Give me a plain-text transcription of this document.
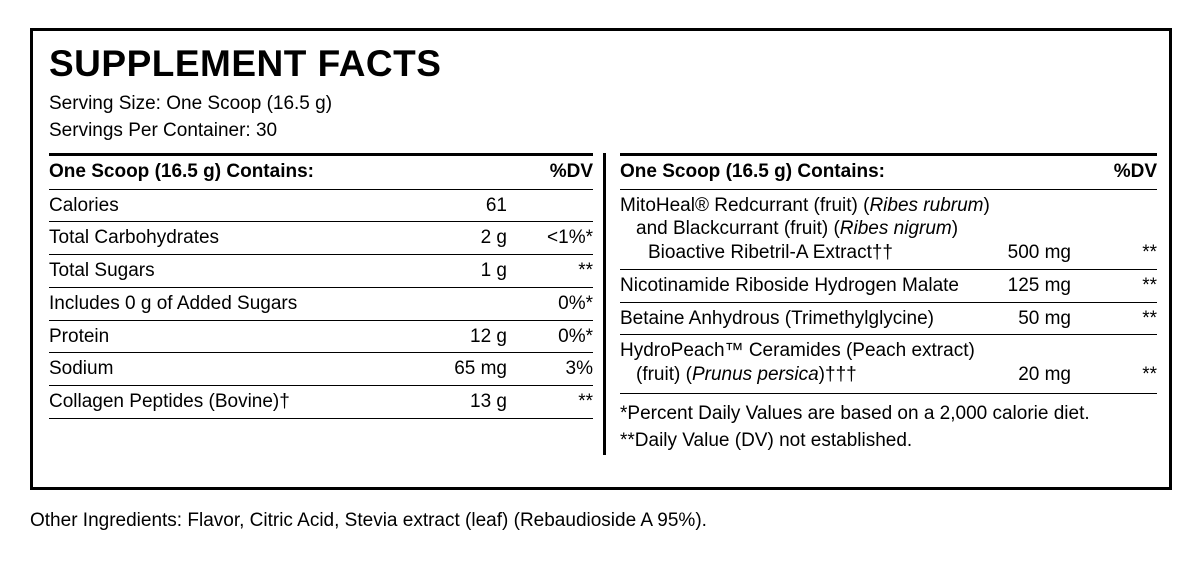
SUPPLEMENT FACTS
Serving Size: One Scoop (16.5 g)
Servings Per Container: 30
One Scoop (16.5 g) Contains:		%DV
Calories	61	
Total Carbohydrates	2 g	<1%*
Total Sugars	1 g	**
Includes 0 g of Added Sugars		0%*
Protein	12 g	0%*
Sodium	65 mg	3%
Collagen Peptides (Bovine)†	13 g	**

One Scoop (16.5 g) Contains:		%DV

MitoHeal® Redcurrant (fruit) (Ribes rubrum)
and Blackcurrant (fruit) (Ribes nigrum)
Bioactive Ribetril-A Extract††	500 mg	**
Nicotinamide Riboside Hydrogen Malate	125 mg	**
Betaine Anhydrous (Trimethylglycine)	50 mg	**

HydroPeach™ Ceramides (Peach extract)
(fruit) (Prunus persica)†††	20 mg	**
*Percent Daily Values are based on a 2,000 calorie diet.
**Daily Value (DV) not established.
Other Ingredients: Flavor, Citric Acid, Stevia extract (leaf) (Rebaudioside A 95%).
